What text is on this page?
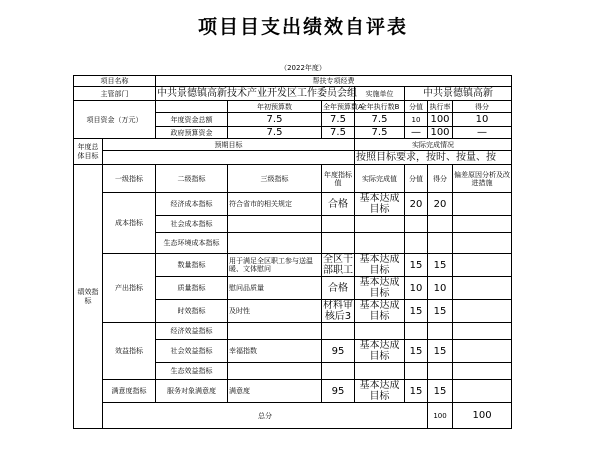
项目目支出绩效自评表
（2022年度）
项目名称		帮扶专项经费							
主管部门		中共景德镇高新技术产业开发区工作委员会组			实施单位	中共景德镇高新			
项目资金（万元）			年初预算数	全年预算数A	全年执行数B	分值	执行率	得分	
		年度资金总额	7.5	7.5	7.5	10	100	10	
		政府预算资金	7.5	7.5	7.5	—	100	—	
年度总体目标	预期目标				实际完成情况				
					按照目标要求，按时、按量、按				
绩效指标	一级指标	二级指标	三级指标	年度指标值	实际完成值	分值	得分	偏差原因分析及改进措施	
	成本指标	经济成本指标	符合省市的相关规定	合格	基本达成目标	20	20		
		社会成本指标							
		生态环境成本指标							
	产出指标	数量指标	用于满足全区职工参与送温暖、文体慰问	全区干部职工	基本达成目标	15	15		
		质量指标	慰问品质量	合格	基本达成目标	10	10		
		时效指标	及时性	材料审核后3	基本达成目标	15	15		
	效益指标	经济效益指标							
		社会效益指标	幸福指数	95	基本达成目标	15	15		
		生态效益指标							
	满意度指标	服务对象满意度	满意度	95	基本达成目标	15	15		
	总分						100	100	
